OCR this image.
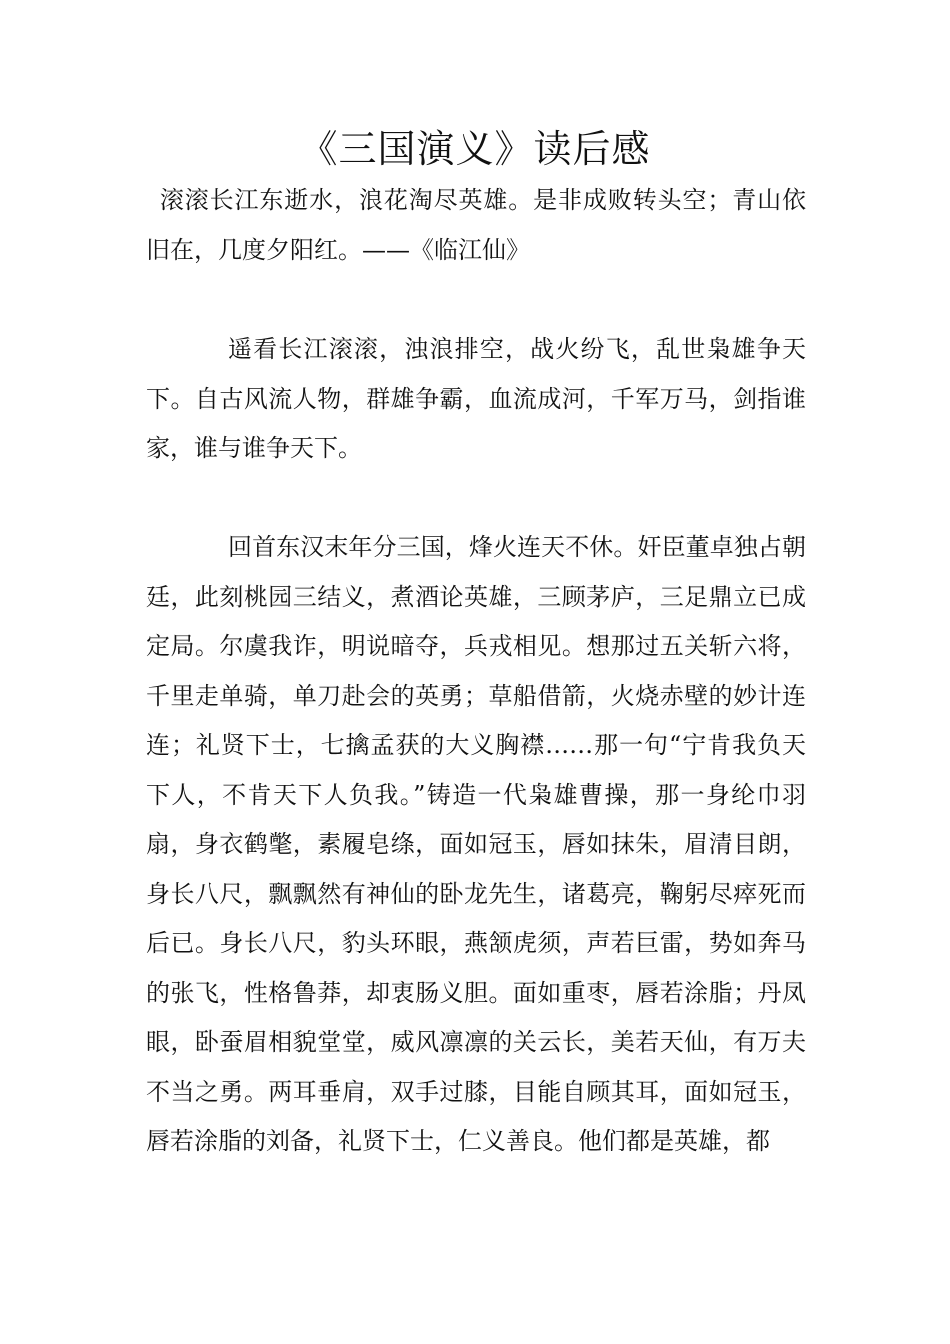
《三国演义》读后感

滚滚长江东逝水，浪花淘尽英雄。是非成败转头空；青山依旧在，几度夕阳红。——《临江仙》

遥看长江滚滚，浊浪排空，战火纷飞，乱世枭雄争天下。自古风流人物，群雄争霸，血流成河，千军万马，剑指谁家，谁与谁争天下。

回首东汉末年分三国，烽火连天不休。奸臣董卓独占朝廷，此刻桃园三结义，煮酒论英雄，三顾茅庐，三足鼎立已成定局。尔虞我诈，明说暗夺，兵戎相见。想那过五关斩六将，千里走单骑，单刀赴会的英勇；草船借箭，火烧赤壁的妙计连连；礼贤下士，七擒孟获的大义胸襟……那一句“宁肯我负天下人，不肯天下人负我。”铸造一代枭雄曹操，那一身纶巾羽扇，身衣鹤氅，素履皂绦，面如冠玉，唇如抹朱，眉清目朗，身长八尺，飘飘然有神仙的卧龙先生，诸葛亮，鞠躬尽瘁死而后已。身长八尺，豹头环眼，燕颔虎须，声若巨雷，势如奔马的张飞，性格鲁莽，却衷肠义胆。面如重枣，唇若涂脂；丹凤眼，卧蚕眉相貌堂堂，威风凛凛的关云长，美若天仙，有万夫不当之勇。两耳垂肩，双手过膝，目能自顾其耳，面如冠玉，唇若涂脂的刘备，礼贤下士，仁义善良。他们都是英雄，都
